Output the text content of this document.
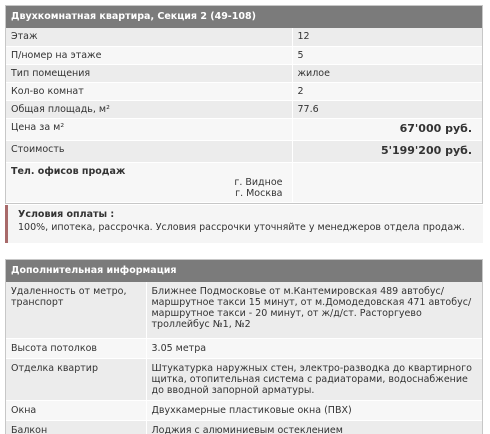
Двухкомнатная квартира, Секция 2 (49-108)
Этаж	12
П/номер на этаже	5
Тип помещения	жилое
Кол-во комнат	2
Общая площадь, м²	77.6
Цена за м²	67'000 руб.
Стоимость	5'199'200 руб.

Тел. офисов продаж
г. Видное
г. Москва	

Условия оплаты :
100%, ипотека, рассрочка. Условия рассрочки уточняйте у менеджеров отдела продаж.
Дополнительная информация
Удаленность от метро, транспорт	Ближнее Подмосковье от м.Кантемировская 489 автобус/маршрутное такси 15 минут, от м.Домодедовская 471 автобус/маршрутное такси - 20 минут, от ж/д/ст. Расторгуево троллейбус №1, №2
Высота потолков	3.05 метра
Отделка квартир	Штукатурка наружных стен, электро-разводка до квартирного щитка, отопительная система с радиаторами, водоснабжение до вводной запорной арматуры.
Окна	Двухкамерные пластиковые окна (ПВХ)
Балкон	Лоджия с алюминиевым остеклением
